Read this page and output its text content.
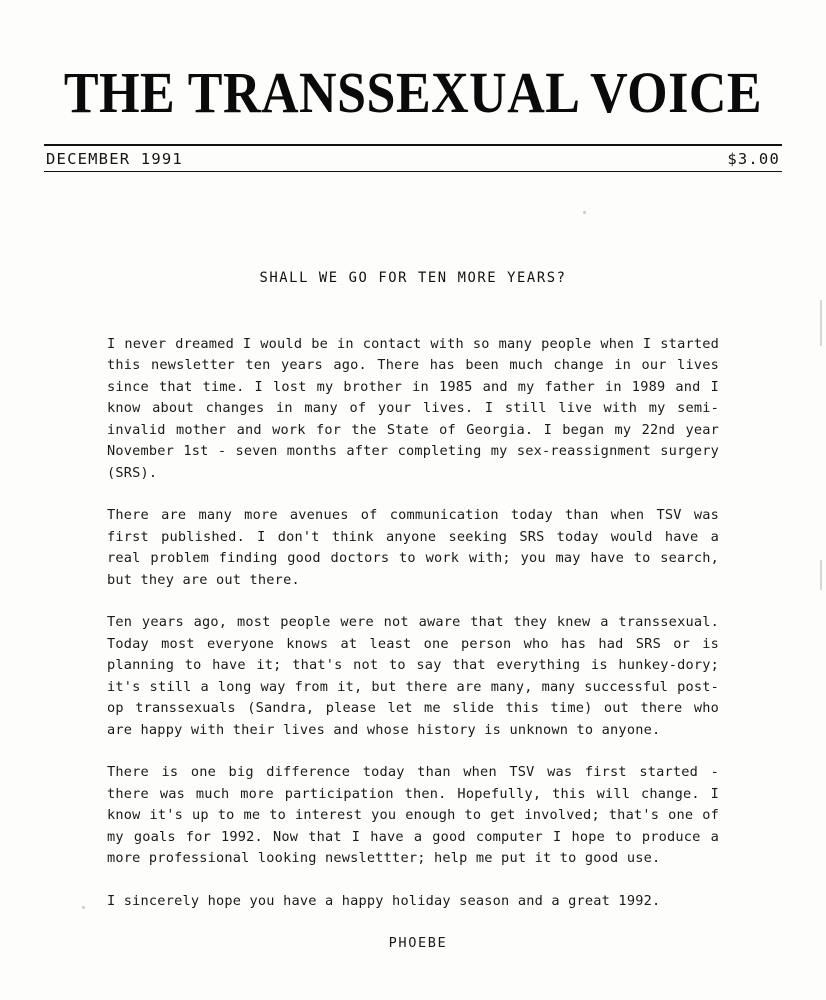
THE TRANSSEXUAL VOICE
DECEMBER 1991	$3.00
SHALL WE GO FOR TEN MORE YEARS?

I never dreamed I would be in contact with so many people when I started this newsletter ten years ago. There has been much change in our lives since that time. I lost my brother in 1985 and my father in 1989 and I know about changes in many of your lives. I still live with my semi-invalid mother and work for the State of Georgia. I began my 22nd year November 1st - seven months after completing my sex-reassignment surgery (SRS).

There are many more avenues of communication today than when TSV was first published. I don't think anyone seeking SRS today would have a real problem finding good doctors to work with; you may have to search, but they are out there.

Ten years ago, most people were not aware that they knew a transsexual. Today most everyone knows at least one person who has had SRS or is planning to have it; that's not to say that everything is hunkey-dory; it's still a long way from it, but there are many, many successful post-op transsexuals (Sandra, please let me slide this time) out there who are happy with their lives and whose history is unknown to anyone.

There is one big difference today than when TSV was first started - there was much more participation then. Hopefully, this will change. I know it's up to me to interest you enough to get involved; that's one of my goals for 1992. Now that I have a good computer I hope to produce a more professional looking newslettter; help me put it to good use.

I sincerely hope you have a happy holiday season and a great 1992.

PHOEBE
